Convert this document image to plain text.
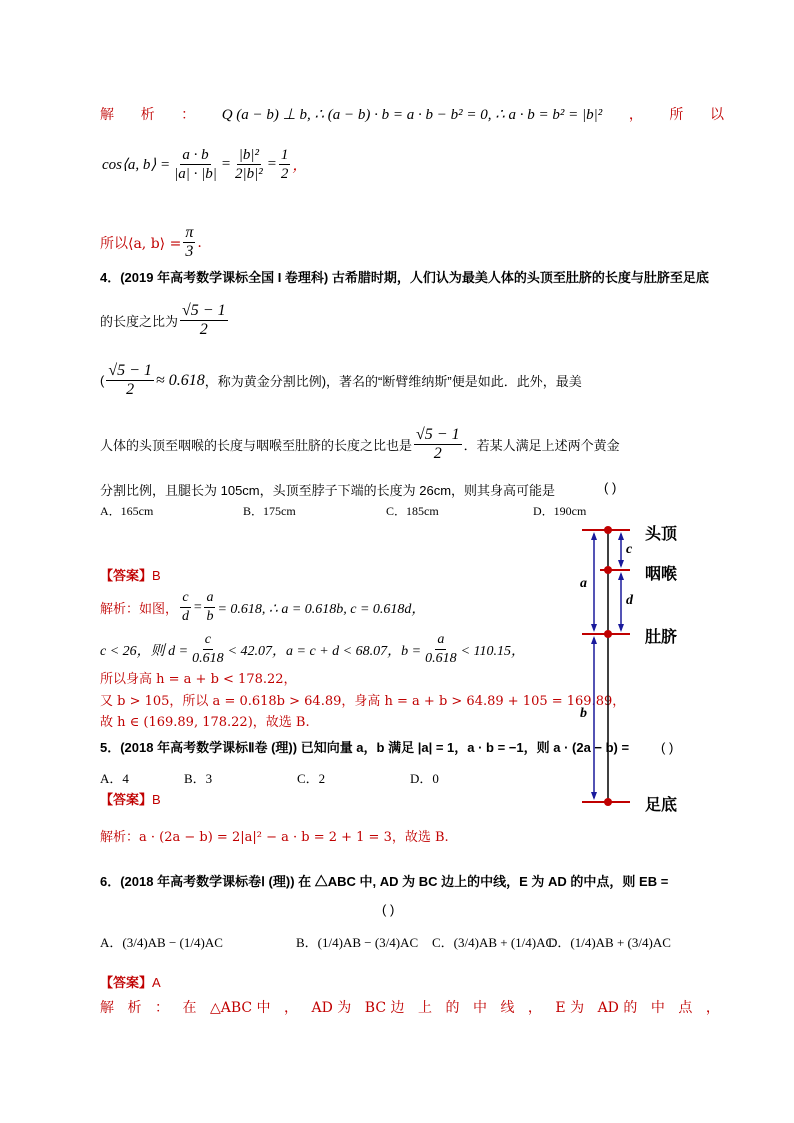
解 析 ： Q (a − b) ⊥ b, ∴ (a − b) · b = a · b − b² = 0, ∴ a · b = b² = |b|² ， 所 以
cos⟨a, b⟩ = $\frac{a \cdot b}{|a| \cdot |b|} = \frac{\text{|b|²}}{\text{2|b|²}} = \frac{1}{2}$ ，
所以⟨a, b⟩ = $\frac{\pi}{3}$ .
4．(2019 年高考数学课标全国 I 卷理科) 古希腊时期，人们认为最美人体的头顶至肚脐的长度与肚脐至足底
的长度之比为 $\frac{√5 - 1}{2}$
( $\frac{√5 - 1}{2} \approx 0.618$ ，称为黄金分割比例)，著名的“断臂维纳斯”便是如此．此外，最美
人体的头顶至咽喉的长度与咽喉至肚脐的长度之比也是 $\frac{√5 - 1}{2}$ ．若某人满足上述两个黄金
分割比例，且腿长为 105cm，头顶至脖子下端的长度为 26cm，则其身高可能是	( )
A．165cm	B．175cm	C．185cm	D．190cm
【答案】B
解析：如图， $\frac{c}{d} = \frac{a}{b} = 0.618$, ∴ a = 0.618b, c = 0.618d，
c < 26，则 $d = \frac{c}{0.618} < 42.07$，a = c + d < 68.07，$b = \frac{a}{0.618} < 110.15$，
所以身高 h = a + b < 178.22，
又 b > 105，所以 a = 0.618b > 64.89，身高 h = a + b > 64.89 + 105 = 169.89，
故 h ∈ (169.89, 178.22)，故选 B.
a
b
c
d
头顶
咽喉
肚脐
足底
5．(2018 年高考数学课标Ⅱ卷 (理)) 已知向量 a，b 满足 |a| = 1，a · b = −1，则 a · (2a − b) = ( )
A．4	B．3	C．2	D．0
【答案】B
解析：a · (2a − b) = 2|a|² − a · b = 2 + 1 = 3，故选 B.
6．(2018 年高考数学课标卷Ⅰ (理)) 在 △ABC 中, AD 为 BC 边上的中线，E 为 AD 的中点，则 EB =
( )
A．(3/4)AB − (1/4)AC	B．(1/4)AB − (3/4)AC C．(3/4)AB + (1/4)AC
D．(1/4)AB + (3/4)AC
【答案】A
解 析 ： 在 △ABC 中 ， AD 为 BC 边 上 的 中 线 ， E 为 AD 的 中 点 ，
